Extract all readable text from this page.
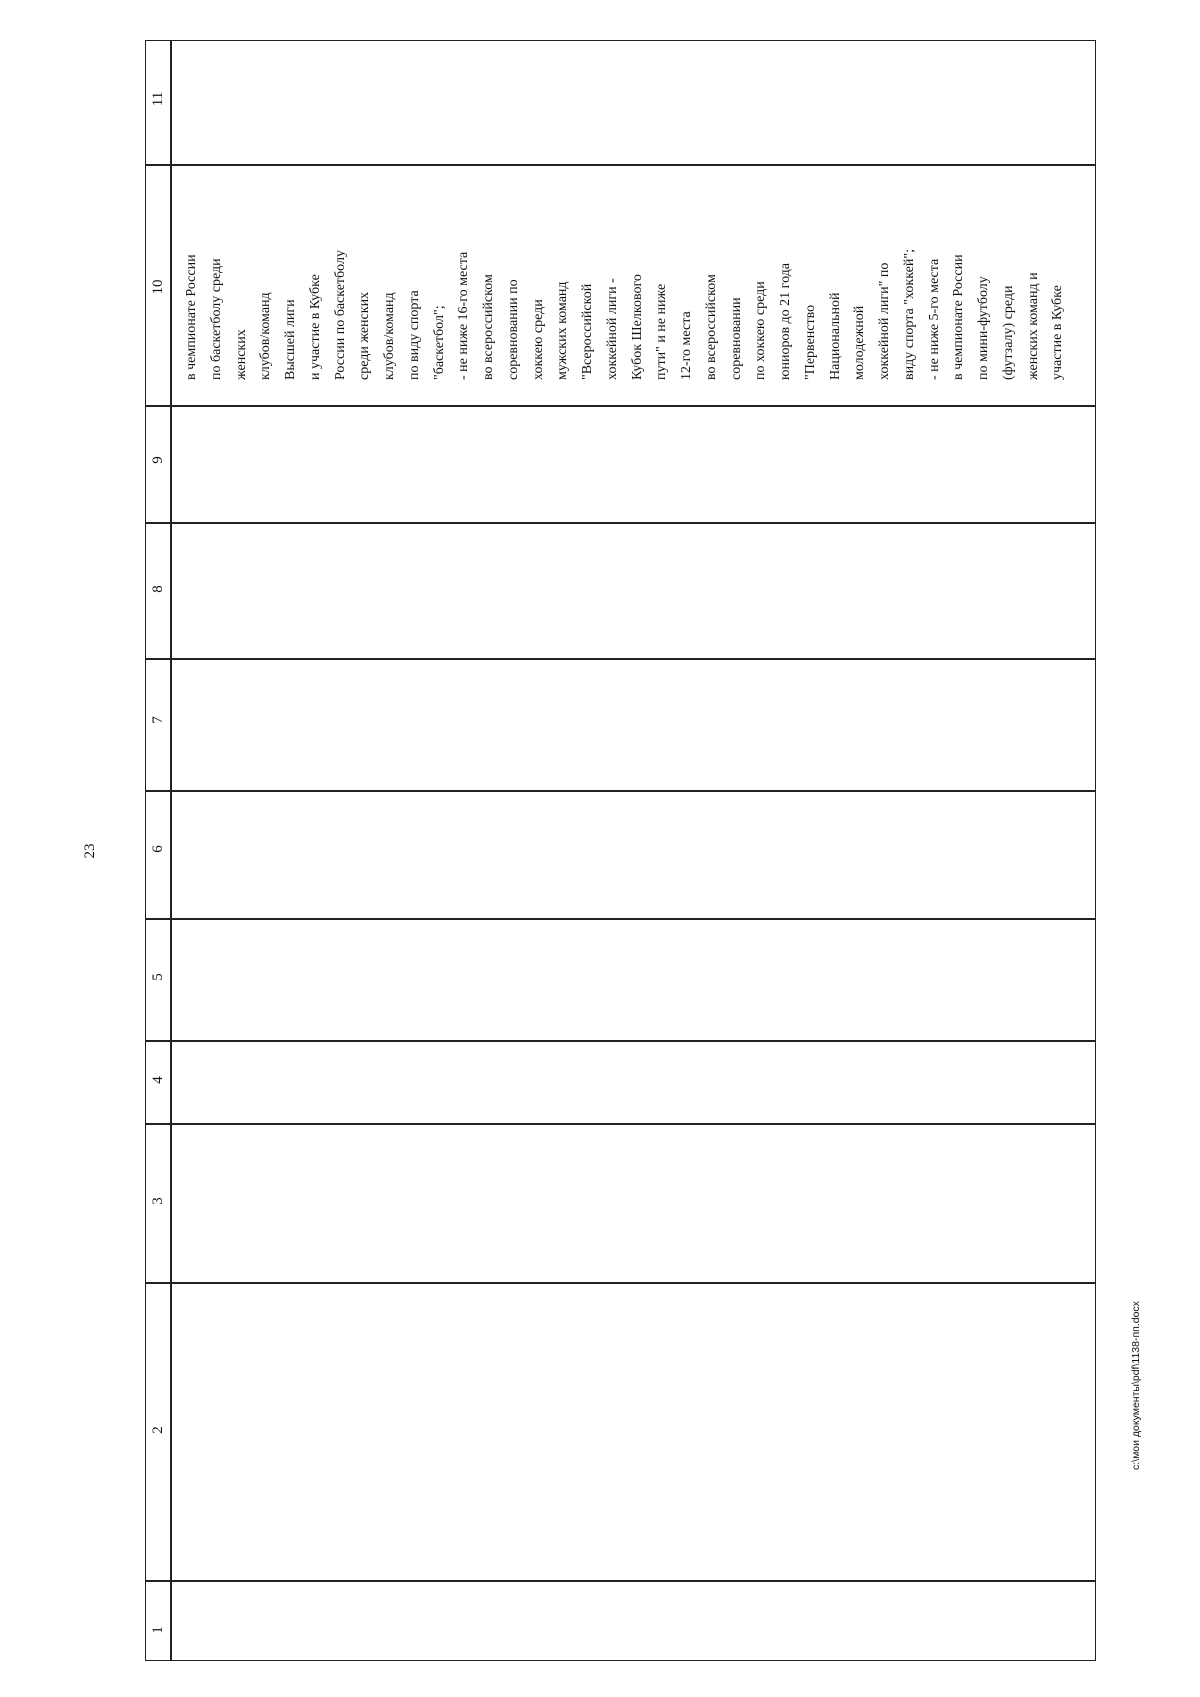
23
11
10
9
8
7
6
5
4
3
2
1
в чемпионате России по баскетболу среди женских клубов/команд Высшей лиги и участие в Кубке России по баскетболу среди женских клубов/команд по виду спорта "баскетбол"; - не ниже 16-го места во всероссийском соревновании по хоккею среди мужских команд "Всероссийской хоккейной лиги - Кубок Шелкового пути" и не ниже 12-го места во всероссийском соревновании по хоккею среди юниоров до 21 года "Первенство Национальной молодежной хоккейной лиги" по виду спорта "хоккей"; - не ниже 5-го места в чемпионате России по мини-футболу (футзалу) среди женских команд и участие в Кубке
c:\мои документы\pdf\1138-пп.docx
